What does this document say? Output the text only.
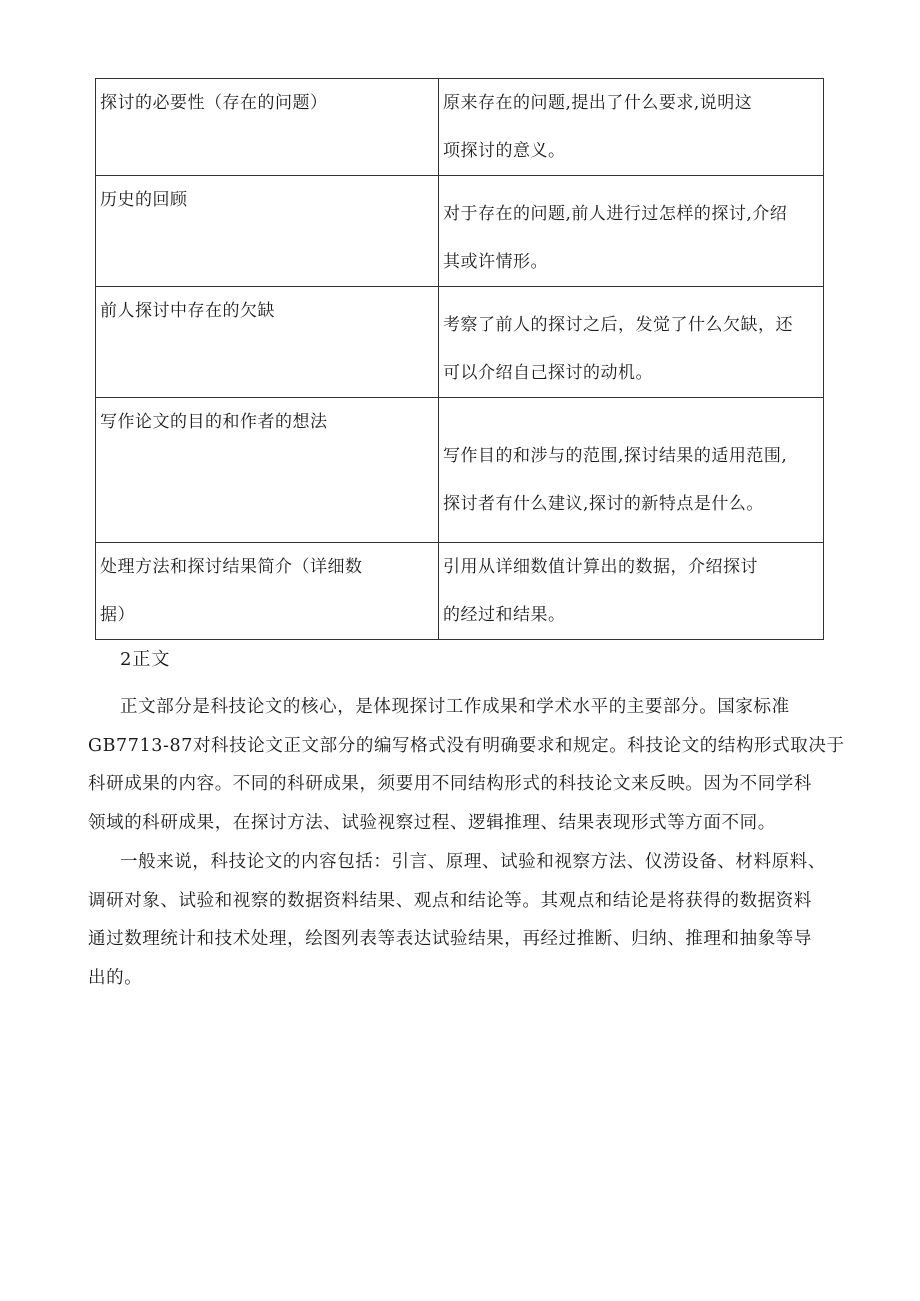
探讨的必要性（存在的问题）	原来存在的问题,提出了什么要求,说明这
项探讨的意义。

历史的回顾	对于存在的问题,前人进行过怎样的探讨,介绍
其或许情形。

前人探讨中存在的欠缺	考察了前人的探讨之后，发觉了什么欠缺，还
可以介绍自己探讨的动机。

写作论文的目的和作者的想法	写作目的和涉与的范围,探讨结果的适用范围,
探讨者有什么建议,探讨的新特点是什么。

处理方法和探讨结果简介（详细数
据）	引用从详细数值计算出的数据，介绍探讨
的经过和结果。
2正文
正文部分是科技论文的核心，是体现探讨工作成果和学术水平的主要部分。国家标准
GB7713-87对科技论文正文部分的编写格式没有明确要求和规定。科技论文的结构形式取决于
科研成果的内容。不同的科研成果，须要用不同结构形式的科技论文来反映。因为不同学科
领域的科研成果，在探讨方法、试验视察过程、逻辑推理、结果表现形式等方面不同。
一般来说，科技论文的内容包括：引言、原理、试验和视察方法、仪涝设备、材料原料、
调研对象、试验和视察的数据资料结果、观点和结论等。其观点和结论是将获得的数据资料
通过数理统计和技术处理，绘图列表等表达试验结果，再经过推断、归纳、推理和抽象等导
出的。
